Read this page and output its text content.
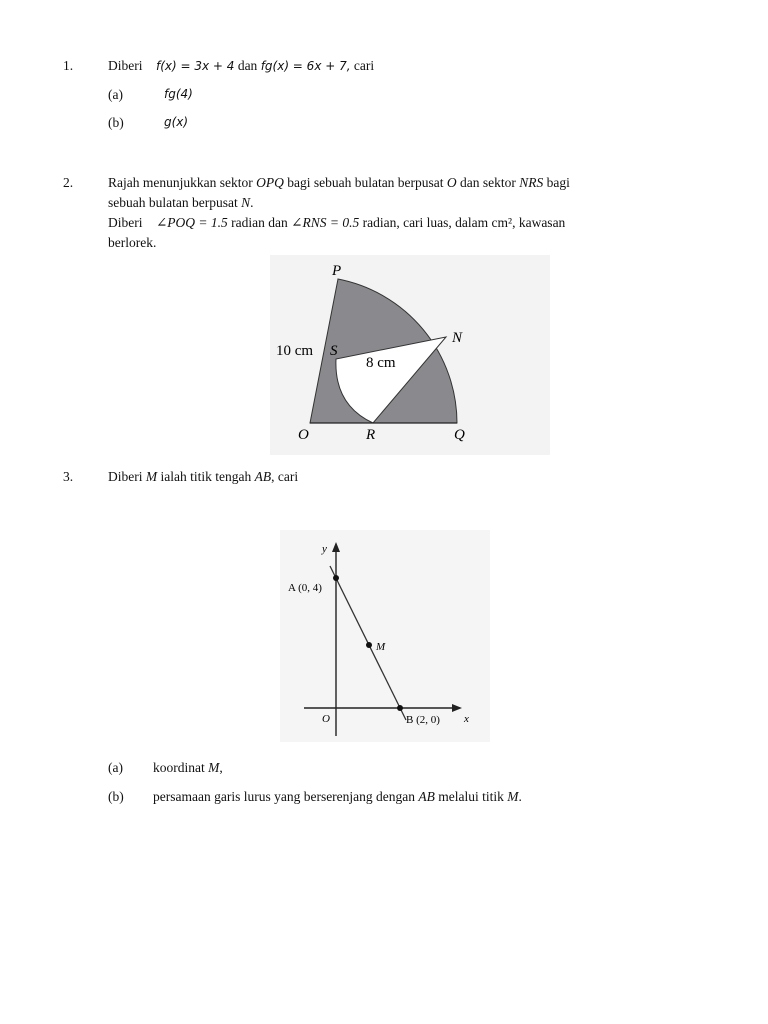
1.	Diberi f(x) = 3x + 4 dan fg(x) = 6x + 7, cari
(a)	fg(4)
(b)	g(x)
2.	Rajah menunjukkan sektor OPQ bagi sebuah bulatan berpusat O dan sektor NRS bagi
sebuah bulatan berpusat N.
Diberi ∠POQ = 1.5 radian dan ∠RNS = 0.5 radian, cari luas, dalam cm², kawasan
berlorek.
P
N
S
10 cm
8 cm
O	R	Q
3.	Diberi M ialah titik tengah AB, cari
y
x
O
A (0, 4)
M
B (2, 0)
(a) koordinat M,
(b) persamaan garis lurus yang berserenjang dengan AB melalui titik M.
